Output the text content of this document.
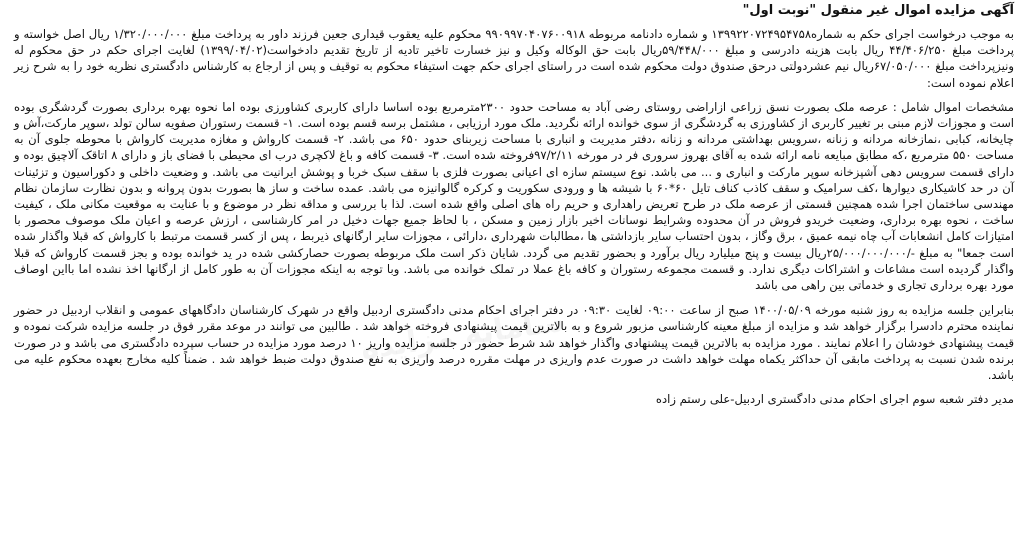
آگهی مزایده اموال غیر منقول "نوبت اول"

به موجب درخواست اجرای حکم به شماره۱۳۹۹۲۲۰۷۲۴۹۵۴۷۵۸ و شماره دادنامه مربوطه ۹۹۰۹۹۷۰۴۰۷۶۰۰۹۱۸ محکوم علیه یعقوب قیداری جعین فرزند داور به پرداخت مبلغ ۱/۳۲۰/۰۰۰/۰۰۰ ریال اصل خواسته و پرداخت مبلغ ۴۴/۴۰۶/۲۵۰ ریال بابت هزینه دادرسی و مبلغ ۵۹/۴۴۸/۰۰۰ریال بابت حق الوکاله وکیل و نیز خسارت تاخیر تادیه از تاریخ تقدیم دادخواست(۱۳۹۹/۰۴/۰۲) لغایت اجرای حکم در حق محکوم له ونیزپرداخت مبلغ ۶۷/۰۵۰/۰۰۰ریال نیم عشردولتی درحق صندوق دولت محکوم شده است در راستای اجرای حکم جهت استیفاء محکوم به توقیف و پس از ارجاع به کارشناس دادگستری نظریه خود را به شرح زیر اعلام نموده است:

مشخصات اموال شامل : عرصه ملک بصورت نسق زراعی ازاراضی روستای رضی آباد به مساحت حدود ۲۳۰۰مترمربع بوده اساسا دارای کاربری کشاورزی بوده اما نحوه بهره برداری بصورت گردشگری بوده است و مجوزات لازم مبنی بر تغییر کاربری از کشاورزی به گردشگری از سوی خوانده ارائه نگردید. ملک مورد ارزیابی ، مشتمل برسه قسم بوده است. ۱- قسمت رستوران صفویه سالن تولد ،سوپر مارکت،آش و چایخانه، کبابی ،نمازخانه مردانه و زنانه ،سرویس بهداشتی مردانه و زنانه ،دفتر مدیریت و انباری با مساحت زیربنای حدود ۶۵۰ می باشد. ۲- قسمت کارواش و مغازه مدیریت کارواش با محوطه جلوی آن به مساحت ۵۵۰ مترمربع ،که مطابق مبایعه نامه ارائه شده به آقای بهروز سروری فر در مورخه ۹۷/۲/۱۱فروخته شده است. ۳- قسمت کافه و باغ لاکچری درب ای محیطی با فضای باز و دارای ۸ اتاقک آلاچیق بوده و دارای قسمت سرویس دهی آشپزخانه سوپر مارکت و انباری و ... می باشد. نوع سیستم سازه ای اعیانی بصورت فلزی با سقف سبک خربا و پوشش ایرانیت می باشد. و وضعیت داخلی و دکوراسیون و تزئینات آن در حد کاشیکاری دیوارها ،کف سرامیک و سقف کاذب کناف تایل ۶۰*۶۰ با شیشه ها و ورودی سکوریت و کرکره گالوانیزه می باشد. عمده ساخت و ساز ها بصورت بدون پروانه و بدون نظارت سازمان نظام مهندسی ساختمان اجرا شده همچنین قسمتی از عرصه ملک در طرح تعریض راهداری و حریم راه های اصلی واقع شده است. لذا با بررسی و مداقه نظر در موضوع و با عنایت به موقعیت مکانی ملک ، کیفیت ساخت ، نحوه بهره برداری، وضعیت خریدو فروش در آن محدوده وشرایط نوسانات اخیر بازار زمین و مسکن ، با لحاظ جمیع جهات دخیل در امر کارشناسی ، ارزش عرصه و اعیان ملک موصوف محصور با امتیازات کامل انشعابات آب چاه نیمه عمیق ، برق وگاز ، بدون احتساب سایر بازداشتی ها ،مطالبات شهرداری ،دارائی ، مجوزات سایر ارگانهای ذیربط ، پس از کسر قسمت مرتبط با کارواش که قبلا واگذار شده است جمعا" به مبلغ -/۲۵/۰۰۰/۰۰۰/۰۰۰ریال بیست و پنج میلیارد ریال برآورد و بحضور تقدیم می گردد. شایان ذکر است ملک مربوطه بصورت حصارکشی شده در ید خوانده بوده و بجز قسمت کارواش که قبلا واگذار گردیده است مشاعات و اشتراکات دیگری ندارد. و قسمت مجموعه رستوران و کافه باغ عملا در تملک خوانده می باشد. وبا توجه به اینکه مجوزات آن به طور کامل از ارگانها اخذ نشده اما بااین اوصاف مورد بهره برداری تجاری و خدماتی بین راهی می باشد

بنابراین جلسه مزایده به روز شنبه مورخه ۱۴۰۰/۰۵/۰۹ صبح از ساعت ۰۹:۰۰ لغایت ۰۹:۳۰ در دفتر اجرای احکام مدنی دادگستری اردبیل واقع در شهرک کارشناسان دادگاههای عمومی و انقلاب اردبیل در حضور نماینده محترم دادسرا برگزار خواهد شد و مزایده از مبلغ معینه کارشناسی مزبور شروع و به بالاترین قیمت پیشنهادی فروخته خواهد شد . طالبین می توانند در موعد مقرر فوق در جلسه مزایده شرکت نموده و قیمت پیشنهادی خودشان را اعلام نمایند . مورد مزایده به بالاترین قیمت پیشنهادی واگذار خواهد شد شرط حضور در جلسه مزایده واریز ۱۰ درصد مورد مزایده در حساب سپرده دادگستری می باشد و در صورت برنده شدن نسبت به پرداخت مابقی آن حداکثر یکماه مهلت خواهد داشت در صورت عدم واریزی در مهلت مقرره درصد واریزی به نفع صندوق دولت ضبط خواهد شد . ضمناً کلیه مخارج بعهده محکوم علیه می باشد.

مدیر دفتر شعبه سوم اجرای احکام مدنی دادگستری اردبیل-علی رستم زاده
